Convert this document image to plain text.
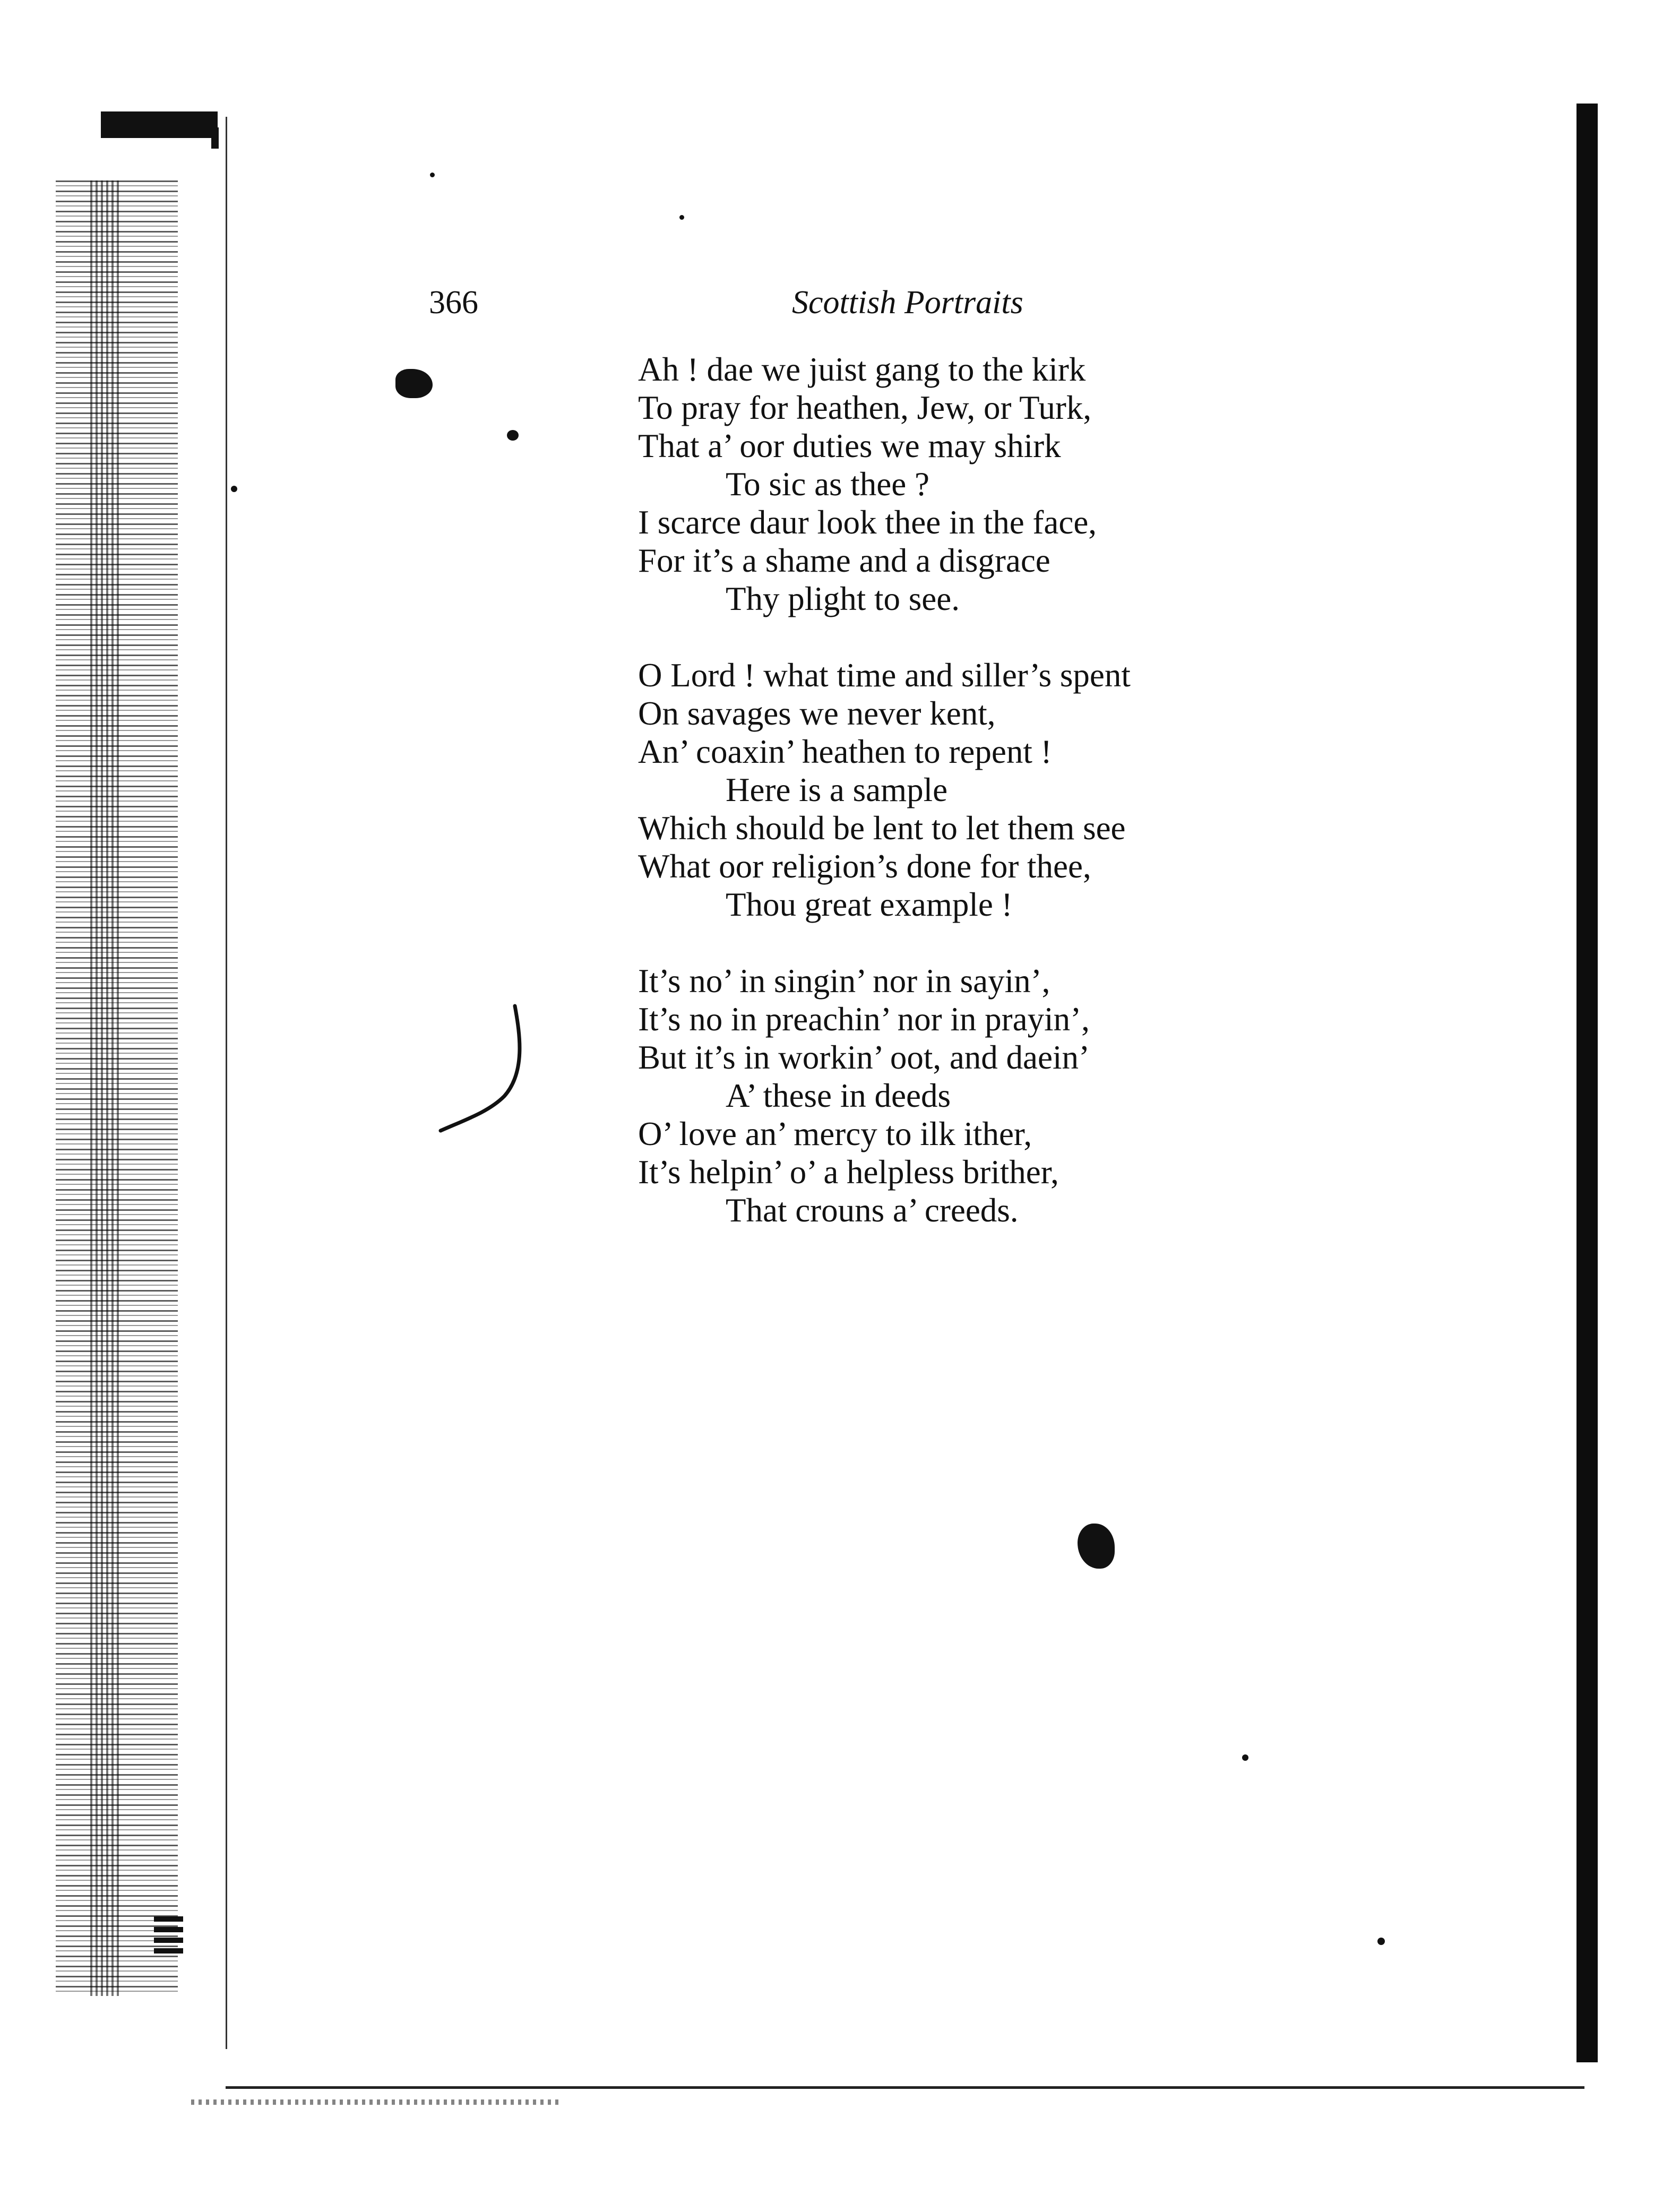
366	Scottish Portraits
Ah ! dae we juist gang to the kirk
To pray for heathen, Jew, or Turk,
That a’ oor duties we may shirk
To sic as thee ?
I scarce daur look thee in the face,
For it’s a shame and a disgrace
Thy plight to see.
O Lord ! what time and siller’s spent
On savages we never kent,
An’ coaxin’ heathen to repent !
Here is a sample
Which should be lent to let them see
What oor religion’s done for thee,
Thou great example !
It’s no’ in singin’ nor in sayin’,
It’s no in preachin’ nor in prayin’,
But it’s in workin’ oot, and daein’
A’ these in deeds
O’ love an’ mercy to ilk ither,
It’s helpin’ o’ a helpless brither,
That crouns a’ creeds.
